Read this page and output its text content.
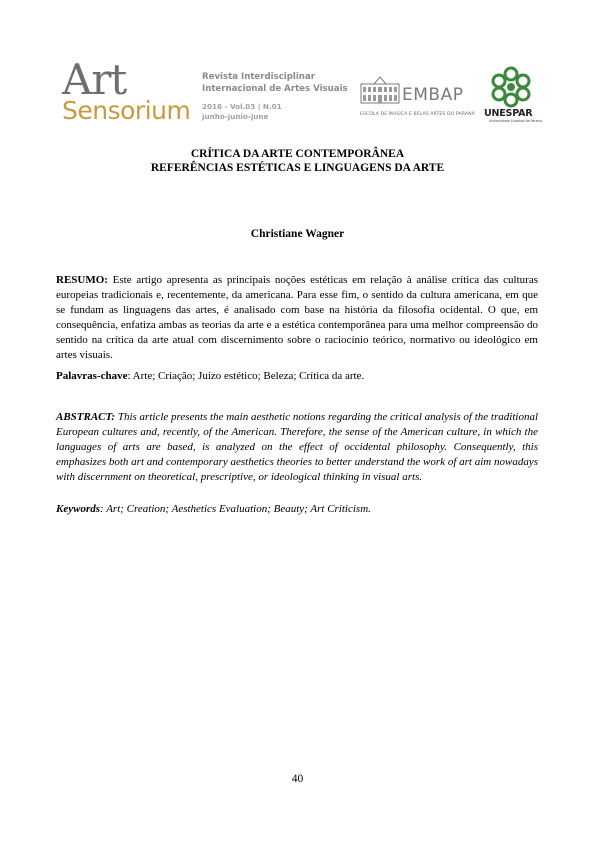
Art
Sensorium
Revista Interdisciplinar
Internacional de Artes Visuais
2016 - Vol.03 | N.01
junho-junio-june
EMBAP
ESCOLA DE MÚSICA E BELAS ARTES DO PARANÁ UNESPAR
Universidade Estadual do Paraná
CRÍTICA DA ARTE CONTEMPORÂNEA
REFERÊNCIAS ESTÉTICAS E LINGUAGENS DA ARTE
Christiane Wagner
RESUMO: Este artigo apresenta as principais noções estéticas em relação à análise crítica das culturas europeias tradicionais e, recentemente, da americana. Para esse fim, o sentido da cultura americana, em que se fundam as linguagens das artes, é analisado com base na história da filosofia ocidental. O que, em consequência, enfatiza ambas as teorias da arte e a estética contemporânea para uma melhor compreensão do sentido na crítica da arte atual com discernimento sobre o raciocínio teórico, normativo ou ideológico em artes visuais.
Palavras-chave: Arte; Criação; Juízo estético; Beleza; Crítica da arte.
ABSTRACT: This article presents the main aesthetic notions regarding the critical analysis of the traditional European cultures and, recently, of the American. Therefore, the sense of the American culture, in which the languages of arts are based, is analyzed on the effect of occidental philosophy. Consequently, this emphasizes both art and contemporary aesthetics theories to better understand the work of art aim nowadays with discernment on theoretical, prescriptive, or ideological thinking in visual arts.
Keywords: Art; Creation; Aesthetics Evaluation; Beauty; Art Criticism.
40
